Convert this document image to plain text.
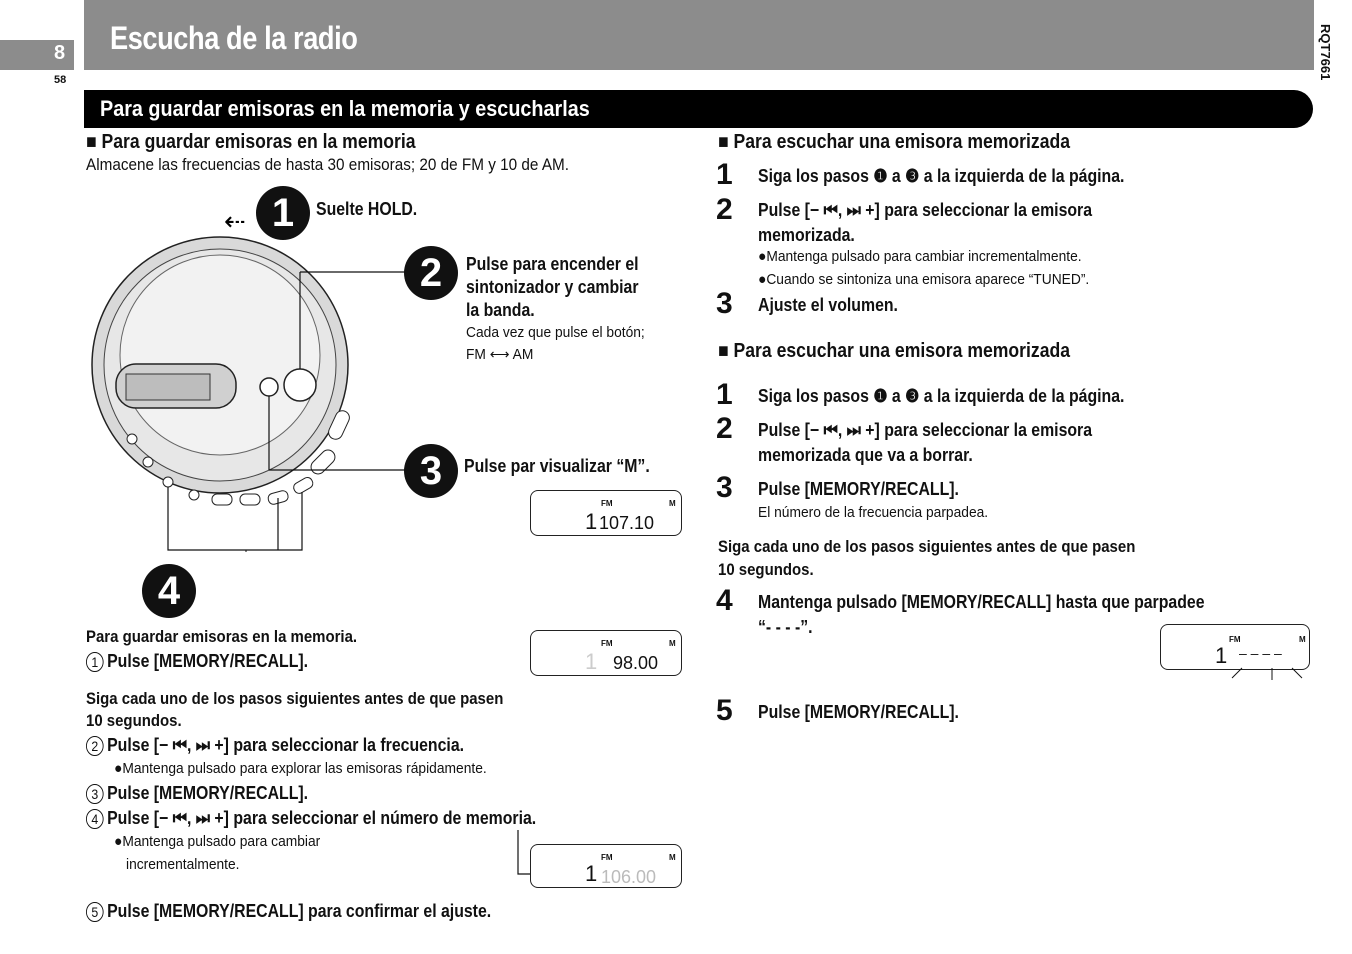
8
58
Escucha de la radio	RQT7661
Para guardar emisoras en la memoria y escucharlas
■ Para guardar emisoras en la memoria
Almacene las frecuencias de hasta 30 emisoras; 20 de FM y 10 de AM.
⇠ 1	Suelte HOLD.
2	Pulse para encender el
sintonizador y cambiar
la banda.
Cada vez que pulse el botón;
FM ⟷ AM
3	Pulse par visualizar “M”.
4
FM	M
1 107.10
Para guardar emisoras en la memoria.
1 Pulse [MEMORY/RECALL].
FM	M
1 98.00
Siga cada uno de los pasos siguientes antes de que pasen
10 segundos.
2 Pulse [− ⏮, ⏭ +] para seleccionar la frecuencia.
●Mantenga pulsado para explorar las emisoras rápidamente.
3 Pulse [MEMORY/RECALL].
4 Pulse [− ⏮, ⏭ +] para seleccionar el número de memoria.
●Mantenga pulsado para cambiar
incrementalmente.	FM	M
1 106.00
5 Pulse [MEMORY/RECALL] para confirmar el ajuste.
■ Para escuchar una emisora memorizada
1 Siga los pasos ❶ a ❸ a la izquierda de la página.
2 Pulse [− ⏮, ⏭ +] para seleccionar la emisora
memorizada.
●Mantenga pulsado para cambiar incrementalmente.
●Cuando se sintoniza una emisora aparece “TUNED”.
3 Ajuste el volumen.
■ Para escuchar una emisora memorizada
1 Siga los pasos ❶ a ❸ a la izquierda de la página.
2 Pulse [− ⏮, ⏭ +] para seleccionar la emisora
memorizada que va a borrar.
3 Pulse [MEMORY/RECALL].
El número de la frecuencia parpadea.
Siga cada uno de los pasos siguientes antes de que pasen
10 segundos.
4 Mantenga pulsado [MEMORY/RECALL] hasta que parpadee
“- - - -”.
FM	M
1 – – – –
5 Pulse [MEMORY/RECALL].
